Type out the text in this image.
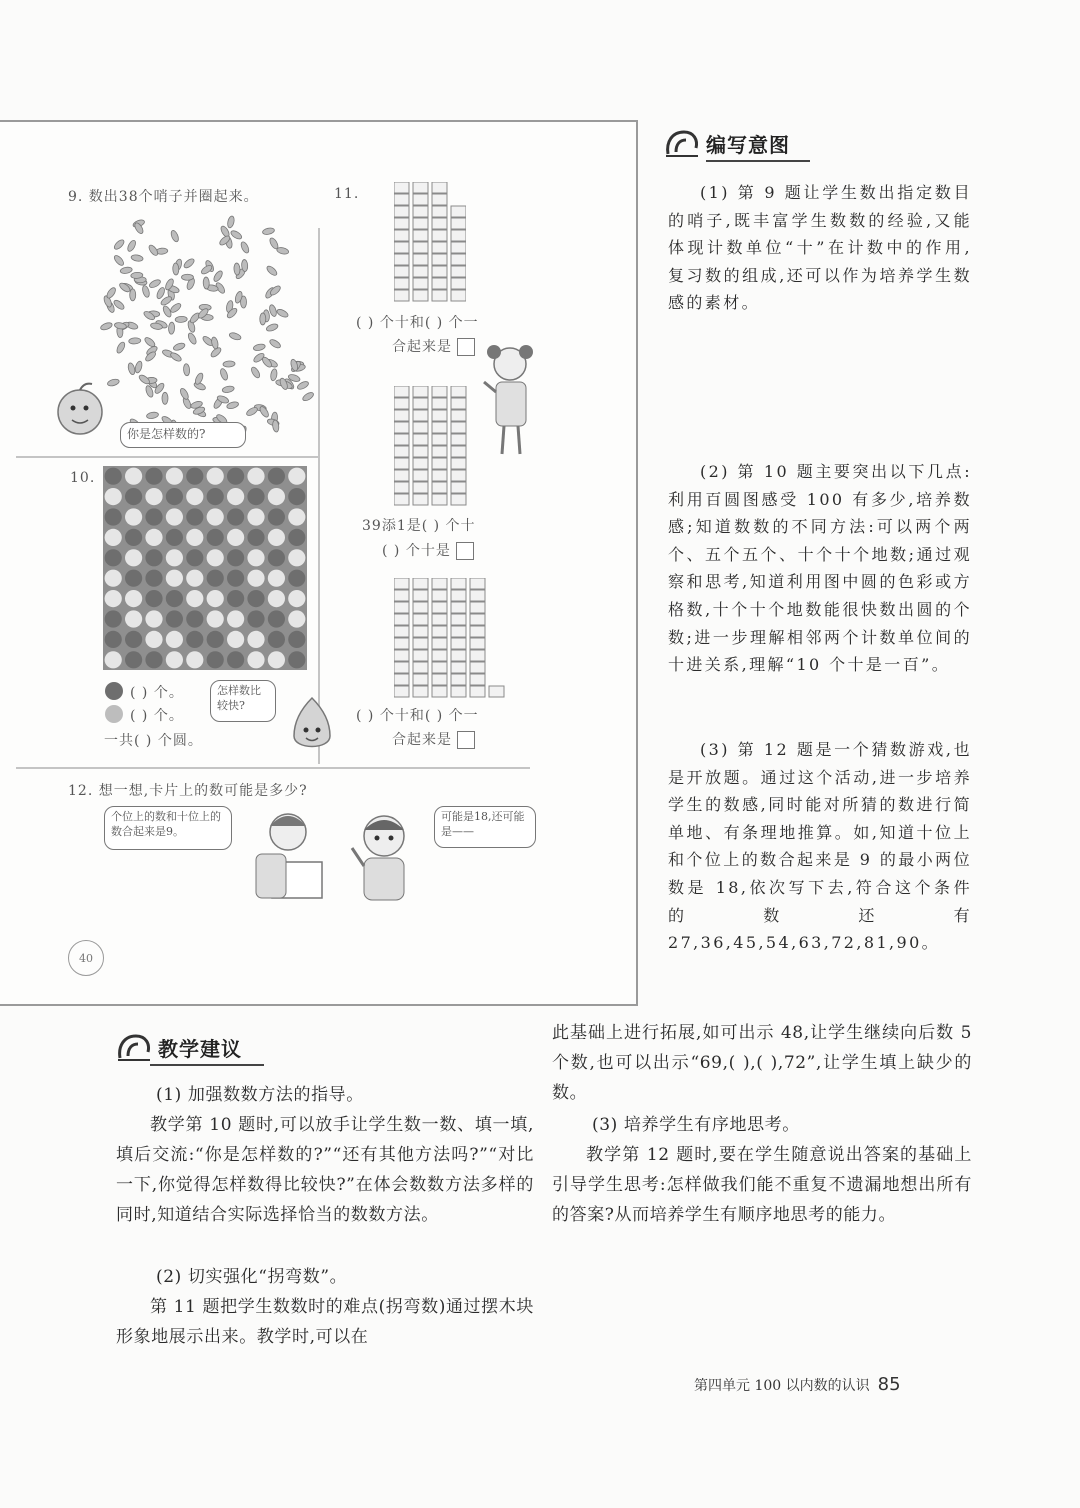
9. 数出38个哨子并圈起来。
你是怎样数的?
10.
( ) 个。
( ) 个。
一共( ) 个圆。
怎样数比较快?
11.
( ) 个十和( ) 个一
合起来是
39添1是( ) 个十
( ) 个十是
( ) 个十和( ) 个一
合起来是
12. 想一想,卡片上的数可能是多少?
个位上的数和十位上的数合起来是9。
可能是18,还可能是——
40
编写意图
(1) 第 9 题让学生数出指定数目的哨子,既丰富学生数数的经验,又能体现计数单位“十”在计数中的作用,复习数的组成,还可以作为培养学生数感的素材。
(2) 第 10 题主要突出以下几点:利用百圆图感受 100 有多少,培养数感;知道数数的不同方法:可以两个两个、五个五个、十个十个地数;通过观察和思考,知道利用图中圆的色彩或方格数,十个十个地数能很快数出圆的个数;进一步理解相邻两个计数单位间的十进关系,理解“10 个十是一百”。
(3) 第 12 题是一个猜数游戏,也是开放题。通过这个活动,进一步培养学生的数感,同时能对所猜的数进行简单地、有条理地推算。如,知道十位上和个位上的数合起来是 9 的最小两位数是 18,依次写下去,符合这个条件的数还有 27,36,45,54,63,72,81,90。
教学建议
(1) 加强数数方法的指导。
教学第 10 题时,可以放手让学生数一数、填一填,填后交流:“你是怎样数的?”“还有其他方法吗?”“对比一下,你觉得怎样数得比较快?”在体会数数方法多样的同时,知道结合实际选择恰当的数数方法。
(2) 切实强化“拐弯数”。
第 11 题把学生数数时的难点(拐弯数)通过摆木块形象地展示出来。教学时,可以在
此基础上进行拓展,如可出示 48,让学生继续向后数 5 个数,也可以出示“69,( ),( ),72”,让学生填上缺少的数。
(3) 培养学生有序地思考。
教学第 12 题时,要在学生随意说出答案的基础上引导学生思考:怎样做我们能不重复不遗漏地想出所有的答案?从而培养学生有顺序地思考的能力。
第四单元 100 以内数的认识 85
